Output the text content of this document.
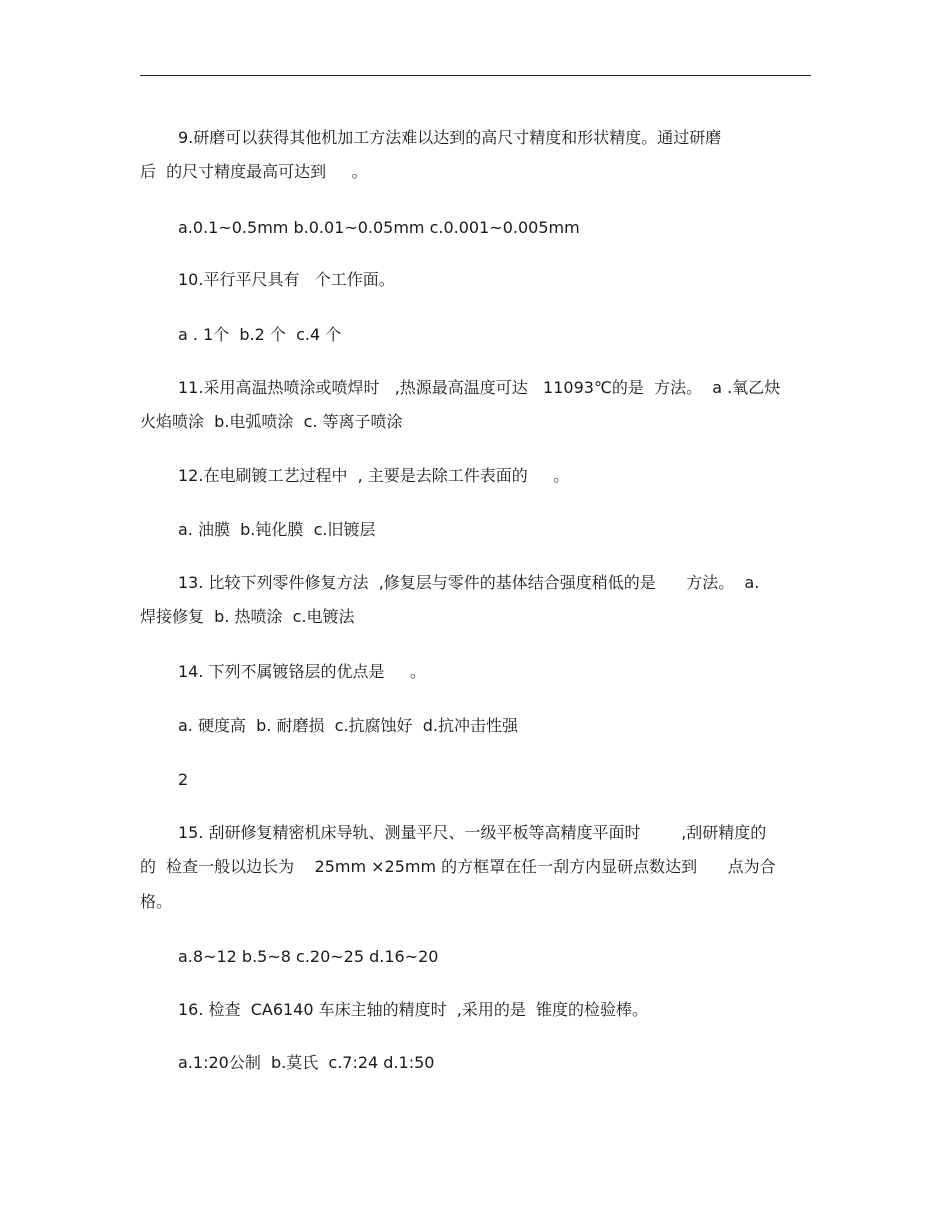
9.研磨可以获得其他机加工方法难以达到的高尺寸精度和形状精度。通过研磨
后  的尺寸精度最高可达到     。
a.0.1~0.5mm b.0.01~0.05mm c.0.001~0.005mm
10.平行平尺具有   个工作面。
a . 1个  b.2 个  c.4 个
11.采用高温热喷涂或喷焊时   ,热源最高温度可达   11093℃的是  方法。  a .氧乙炔
火焰喷涂  b.电弧喷涂  c. 等离子喷涂
12.在电刷镀工艺过程中  , 主要是去除工件表面的     。
a. 油膜  b.钝化膜  c.旧镀层
13. 比较下列零件修复方法  ,修复层与零件的基体结合强度稍低的是      方法。  a.
焊接修复  b. 热喷涂  c.电镀法
14. 下列不属镀铬层的优点是     。
a. 硬度高  b. 耐磨损  c.抗腐蚀好  d.抗冲击性强
2
15. 刮研修复精密机床导轨、测量平尺、一级平板等高精度平面时        ,刮研精度的
的  检查一般以边长为    25mm ×25mm 的方框罩在任一刮方内显研点数达到      点为合
格。
a.8~12 b.5~8 c.20~25 d.16~20
16. 检查  CA6140 车床主轴的精度时  ,采用的是  锥度的检验棒。
a.1:20公制  b.莫氏  c.7:24 d.1:50
